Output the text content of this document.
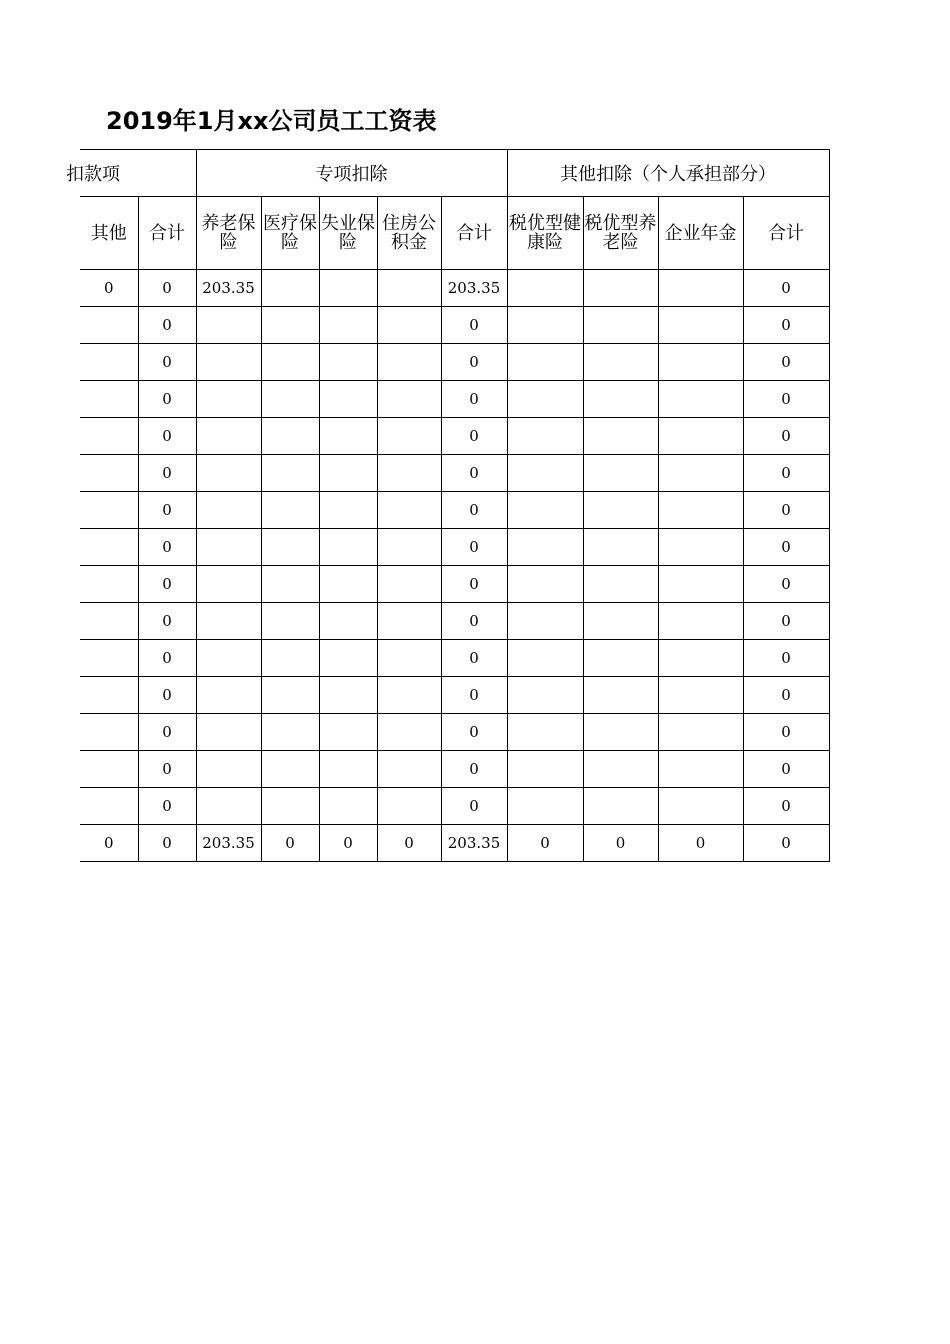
2019年1月xx公司员工工资表
扣款项		专项扣除					其他扣除（个人承担部分）			
其他	合计	养老保险	医疗保险	失业保险	住房公积金	合计	税优型健康险	税优型养老险	企业年金	合计
0	0	203.35				203.35				0
	0					0				0
	0					0				0
	0					0				0
	0					0				0
	0					0				0
	0					0				0
	0					0				0
	0					0				0
	0					0				0
	0					0				0
	0					0				0
	0					0				0
	0					0				0
	0					0				0
0	0	203.35	0	0	0	203.35	0	0	0	0
